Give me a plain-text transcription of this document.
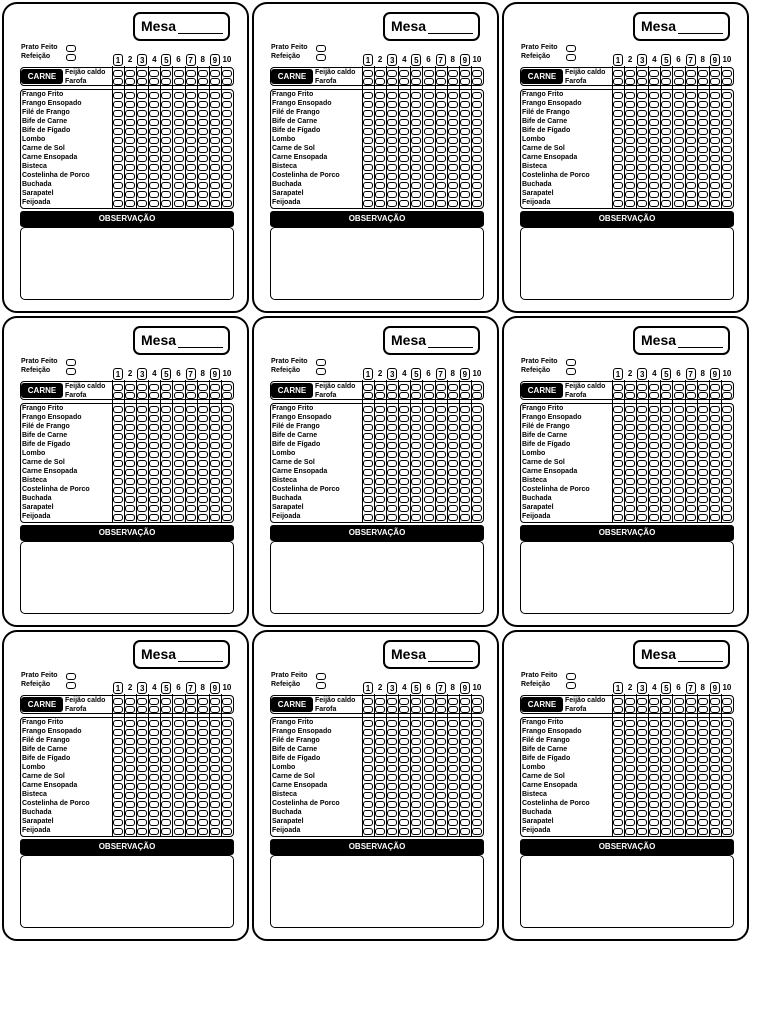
Mesa
Prato Feito
Refeição	1 2 3 4 5 6 7 8 9 10
CARNE	Feijão caldo
Farofa
Frango Frito
Frango Ensopado
Filé de Frango
Bife de Carne
Bife de Fígado
Lombo
Carne de Sol
Carne Ensopada
Bisteca
Costelinha de Porco
Buchada
Sarapatel
Feijoada
OBSERVAÇÃO
Mesa
Prato Feito
Refeição	1 2 3 4 5 6 7 8 9 10
CARNE	Feijão caldo
Farofa
Frango Frito
Frango Ensopado
Filé de Frango
Bife de Carne
Bife de Fígado
Lombo
Carne de Sol
Carne Ensopada
Bisteca
Costelinha de Porco
Buchada
Sarapatel
Feijoada
OBSERVAÇÃO
Mesa
Prato Feito
Refeição	1 2 3 4 5 6 7 8 9 10
CARNE	Feijão caldo
Farofa
Frango Frito
Frango Ensopado
Filé de Frango
Bife de Carne
Bife de Fígado
Lombo
Carne de Sol
Carne Ensopada
Bisteca
Costelinha de Porco
Buchada
Sarapatel
Feijoada
OBSERVAÇÃO
Mesa
Prato Feito
Refeição	1 2 3 4 5 6 7 8 9 10
CARNE	Feijão caldo
Farofa
Frango Frito
Frango Ensopado
Filé de Frango
Bife de Carne
Bife de Fígado
Lombo
Carne de Sol
Carne Ensopada
Bisteca
Costelinha de Porco
Buchada
Sarapatel
Feijoada
OBSERVAÇÃO
Mesa
Prato Feito
Refeição	1 2 3 4 5 6 7 8 9 10
CARNE	Feijão caldo
Farofa
Frango Frito
Frango Ensopado
Filé de Frango
Bife de Carne
Bife de Fígado
Lombo
Carne de Sol
Carne Ensopada
Bisteca
Costelinha de Porco
Buchada
Sarapatel
Feijoada
OBSERVAÇÃO
Mesa
Prato Feito
Refeição	1 2 3 4 5 6 7 8 9 10
CARNE	Feijão caldo
Farofa
Frango Frito
Frango Ensopado
Filé de Frango
Bife de Carne
Bife de Fígado
Lombo
Carne de Sol
Carne Ensopada
Bisteca
Costelinha de Porco
Buchada
Sarapatel
Feijoada
OBSERVAÇÃO
Mesa
Prato Feito
Refeição	1 2 3 4 5 6 7 8 9 10
CARNE	Feijão caldo
Farofa
Frango Frito
Frango Ensopado
Filé de Frango
Bife de Carne
Bife de Fígado
Lombo
Carne de Sol
Carne Ensopada
Bisteca
Costelinha de Porco
Buchada
Sarapatel
Feijoada
OBSERVAÇÃO
Mesa
Prato Feito
Refeição	1 2 3 4 5 6 7 8 9 10
CARNE	Feijão caldo
Farofa
Frango Frito
Frango Ensopado
Filé de Frango
Bife de Carne
Bife de Fígado
Lombo
Carne de Sol
Carne Ensopada
Bisteca
Costelinha de Porco
Buchada
Sarapatel
Feijoada
OBSERVAÇÃO
Mesa
Prato Feito
Refeição	1 2 3 4 5 6 7 8 9 10
CARNE	Feijão caldo
Farofa
Frango Frito
Frango Ensopado
Filé de Frango
Bife de Carne
Bife de Fígado
Lombo
Carne de Sol
Carne Ensopada
Bisteca
Costelinha de Porco
Buchada
Sarapatel
Feijoada
OBSERVAÇÃO
